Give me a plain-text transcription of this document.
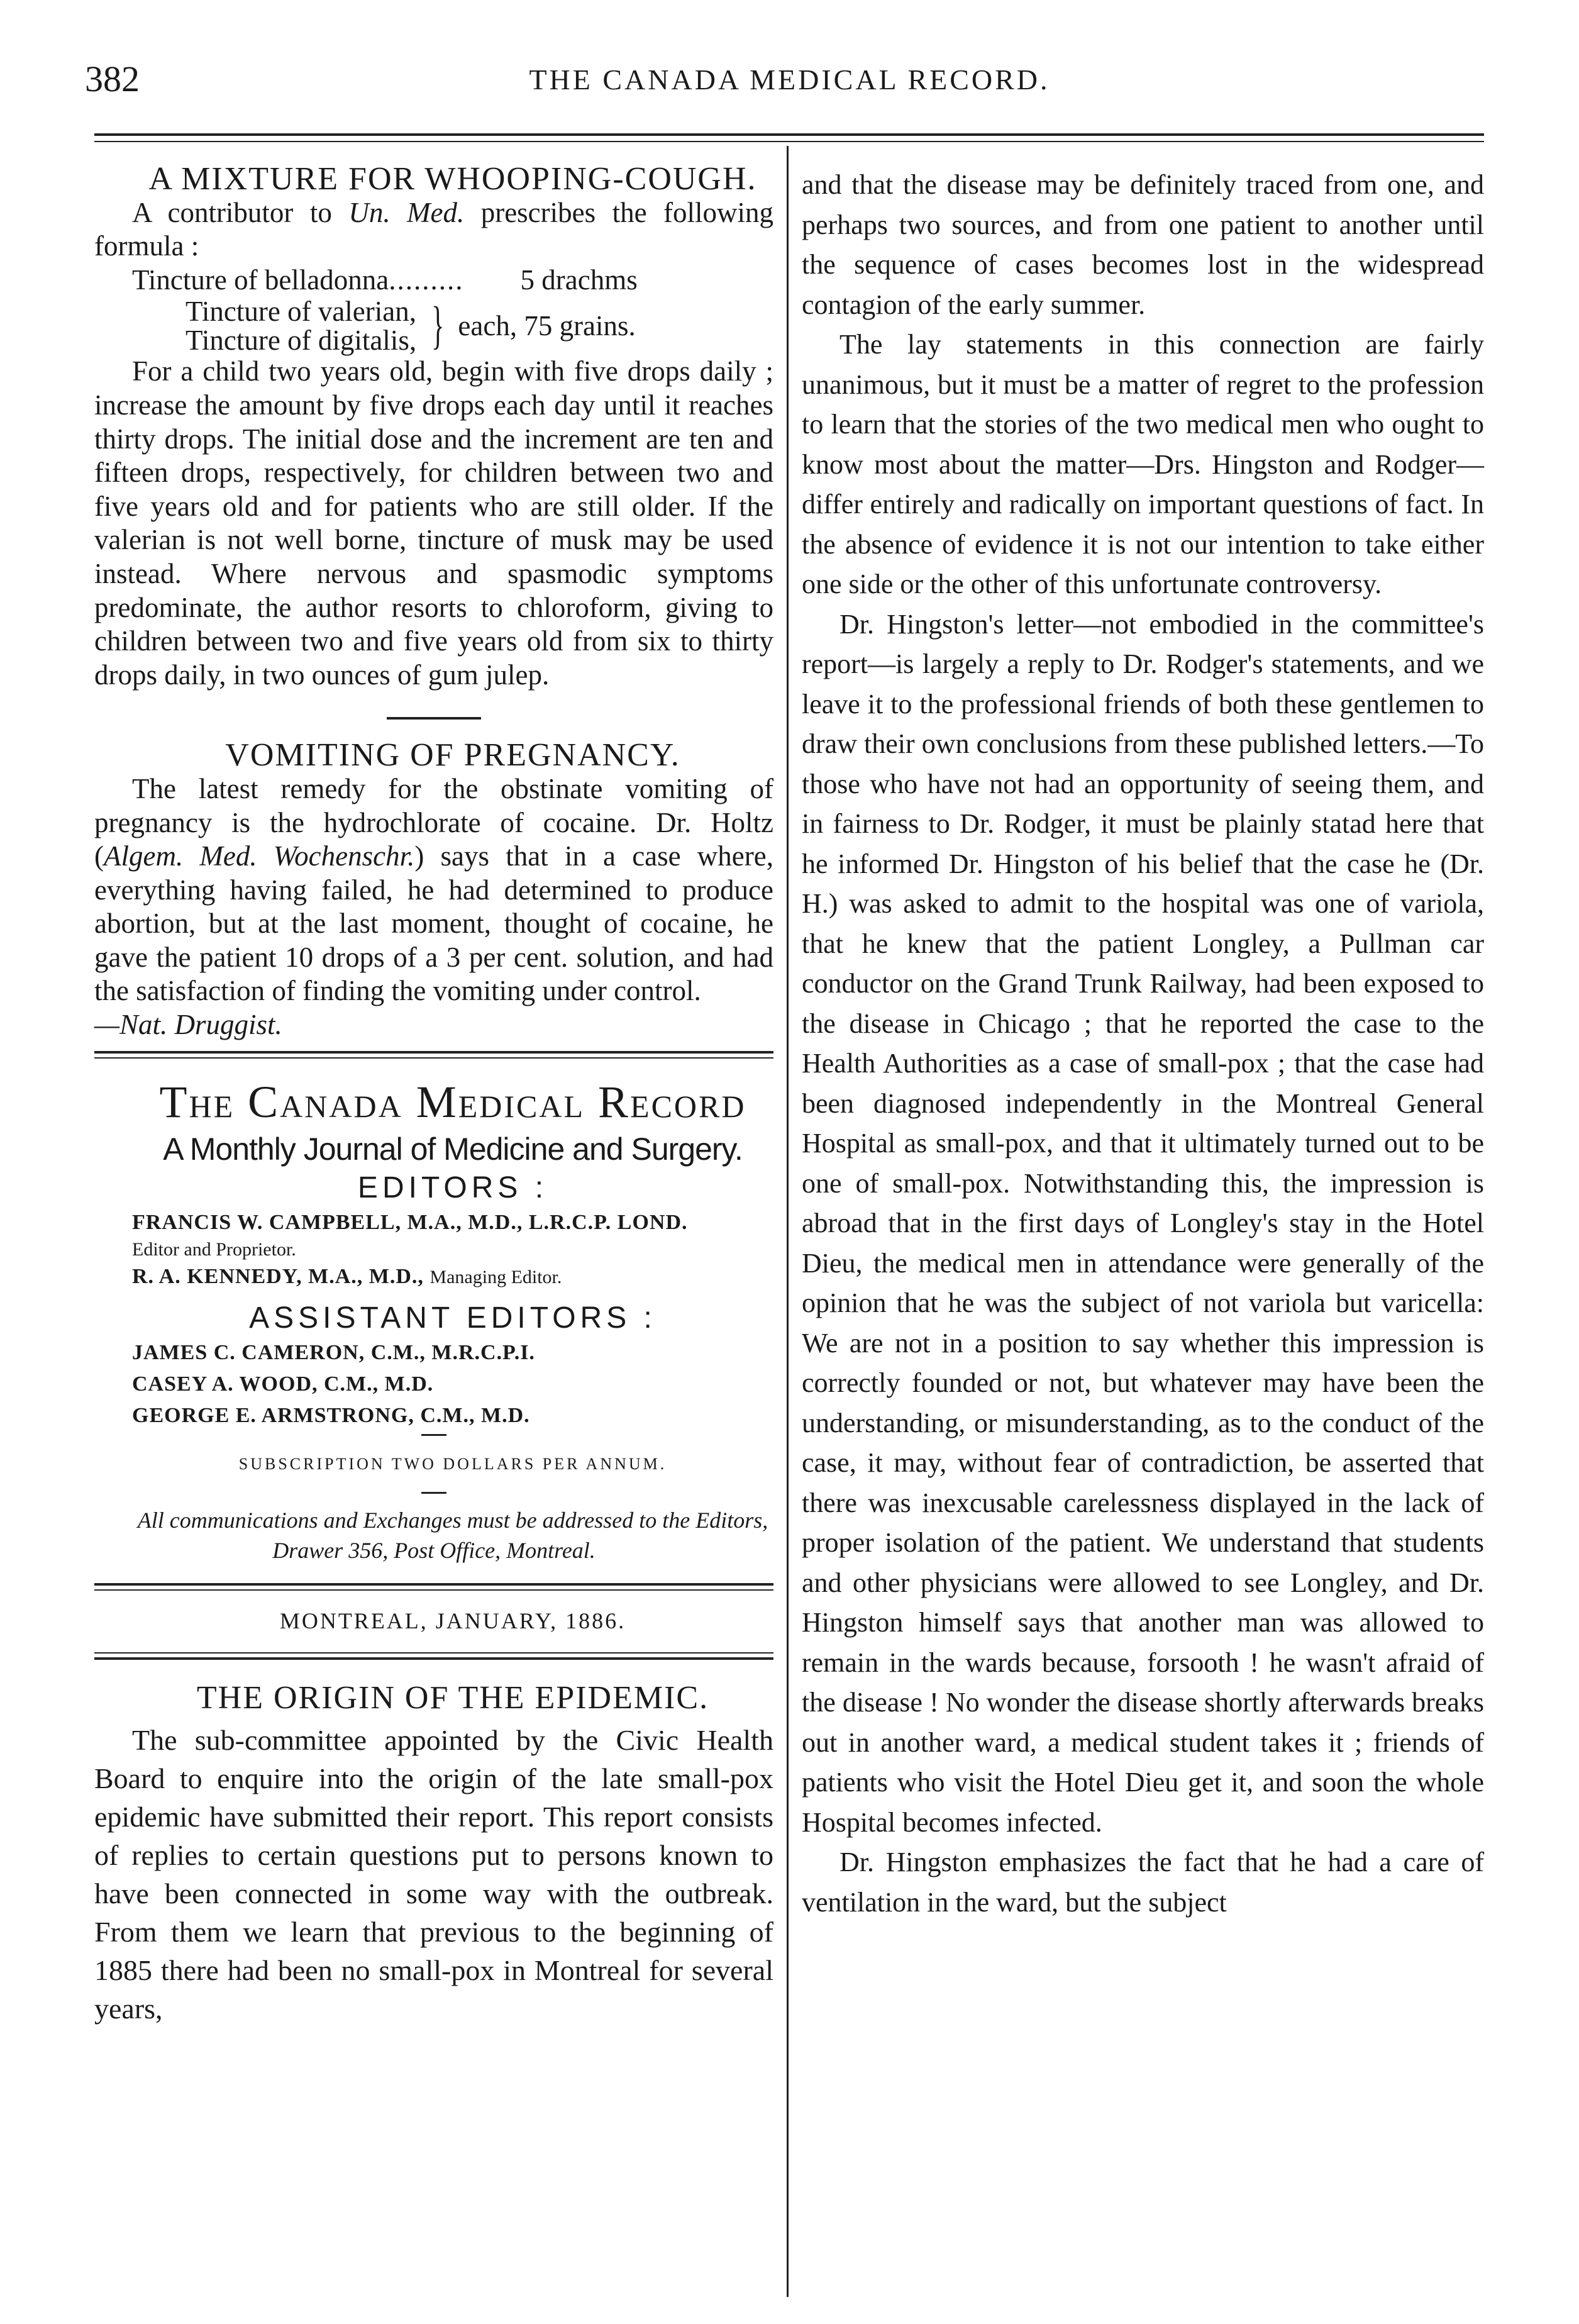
382	THE CANADA MEDICAL RECORD.

A MIXTURE FOR WHOOPING-COUGH.

A contributor to Un. Med. prescribes the following formula :

Tincture of belladonna......... 5 drachms

Tincture of valerian,
Tincture of digitalis, } each, 75 grains.

For a child two years old, begin with five drops daily ; increase the amount by five drops each day until it reaches thirty drops. The initial dose and the increment are ten and fifteen drops, respectively, for children between two and five years old and for patients who are still older. If the valerian is not well borne, tincture of musk may be used instead. Where nervous and spasmodic symptoms predominate, the author resorts to chloroform, giving to children between two and five years old from six to thirty drops daily, in two ounces of gum julep.

VOMITING OF PREGNANCY.

The latest remedy for the obstinate vomiting of pregnancy is the hydrochlorate of cocaine. Dr. Holtz (Algem. Med. Wochenschr.) says that in a case where, everything having failed, he had determined to produce abortion, but at the last moment, thought of cocaine, he gave the patient 10 drops of a 3 per cent. solution, and had the satisfaction of finding the vomiting under control.

—Nat. Druggist.

The Canada Medical Record

A Monthly Journal of Medicine and Surgery.

EDITORS :

FRANCIS W. CAMPBELL, M.A., M.D., L.R.C.P. LOND.

Editor and Proprietor.

R. A. KENNEDY, M.A., M.D., Managing Editor.

ASSISTANT EDITORS :

JAMES C. CAMERON, C.M., M.R.C.P.I.

CASEY A. WOOD, C.M., M.D.

GEORGE E. ARMSTRONG, C.M., M.D.

SUBSCRIPTION TWO DOLLARS PER ANNUM.

All communications and Exchanges must be addressed to the Editors, Drawer 356, Post Office, Montreal.

MONTREAL, JANUARY, 1886.

THE ORIGIN OF THE EPIDEMIC.

The sub-committee appointed by the Civic Health Board to enquire into the origin of the late small-pox epidemic have submitted their report. This report consists of replies to certain questions put to persons known to have been connected in some way with the outbreak. From them we learn that previous to the beginning of 1885 there had been no small-pox in Montreal for several years,

and that the disease may be definitely traced from one, and perhaps two sources, and from one patient to another until the sequence of cases becomes lost in the widespread contagion of the early summer.

The lay statements in this connection are fairly unanimous, but it must be a matter of regret to the profession to learn that the stories of the two medical men who ought to know most about the matter—Drs. Hingston and Rodger—differ entirely and radically on important questions of fact. In the absence of evidence it is not our intention to take either one side or the other of this unfortunate controversy.

Dr. Hingston's letter—not embodied in the committee's report—is largely a reply to Dr. Rodger's statements, and we leave it to the professional friends of both these gentlemen to draw their own conclusions from these published letters.—To those who have not had an opportunity of seeing them, and in fairness to Dr. Rodger, it must be plainly statad here that he informed Dr. Hingston of his belief that the case he (Dr. H.) was asked to admit to the hospital was one of variola, that he knew that the patient Longley, a Pullman car conductor on the Grand Trunk Railway, had been exposed to the disease in Chicago ; that he reported the case to the Health Authorities as a case of small-pox ; that the case had been diagnosed independently in the Montreal General Hospital as small-pox, and that it ultimately turned out to be one of small-pox. Notwithstanding this, the impression is abroad that in the first days of Longley's stay in the Hotel Dieu, the medical men in attendance were generally of the opinion that he was the subject of not variola but varicella: We are not in a position to say whether this impression is correctly founded or not, but whatever may have been the understanding, or misunderstanding, as to the conduct of the case, it may, without fear of contradiction, be asserted that there was inexcusable carelessness displayed in the lack of proper isolation of the patient. We understand that students and other physicians were allowed to see Longley, and Dr. Hingston himself says that another man was allowed to remain in the wards because, forsooth ! he wasn't afraid of the disease ! No wonder the disease shortly afterwards breaks out in another ward, a medical student takes it ; friends of patients who visit the Hotel Dieu get it, and soon the whole Hospital becomes infected.

Dr. Hingston emphasizes the fact that he had a care of ventilation in the ward, but the subject
